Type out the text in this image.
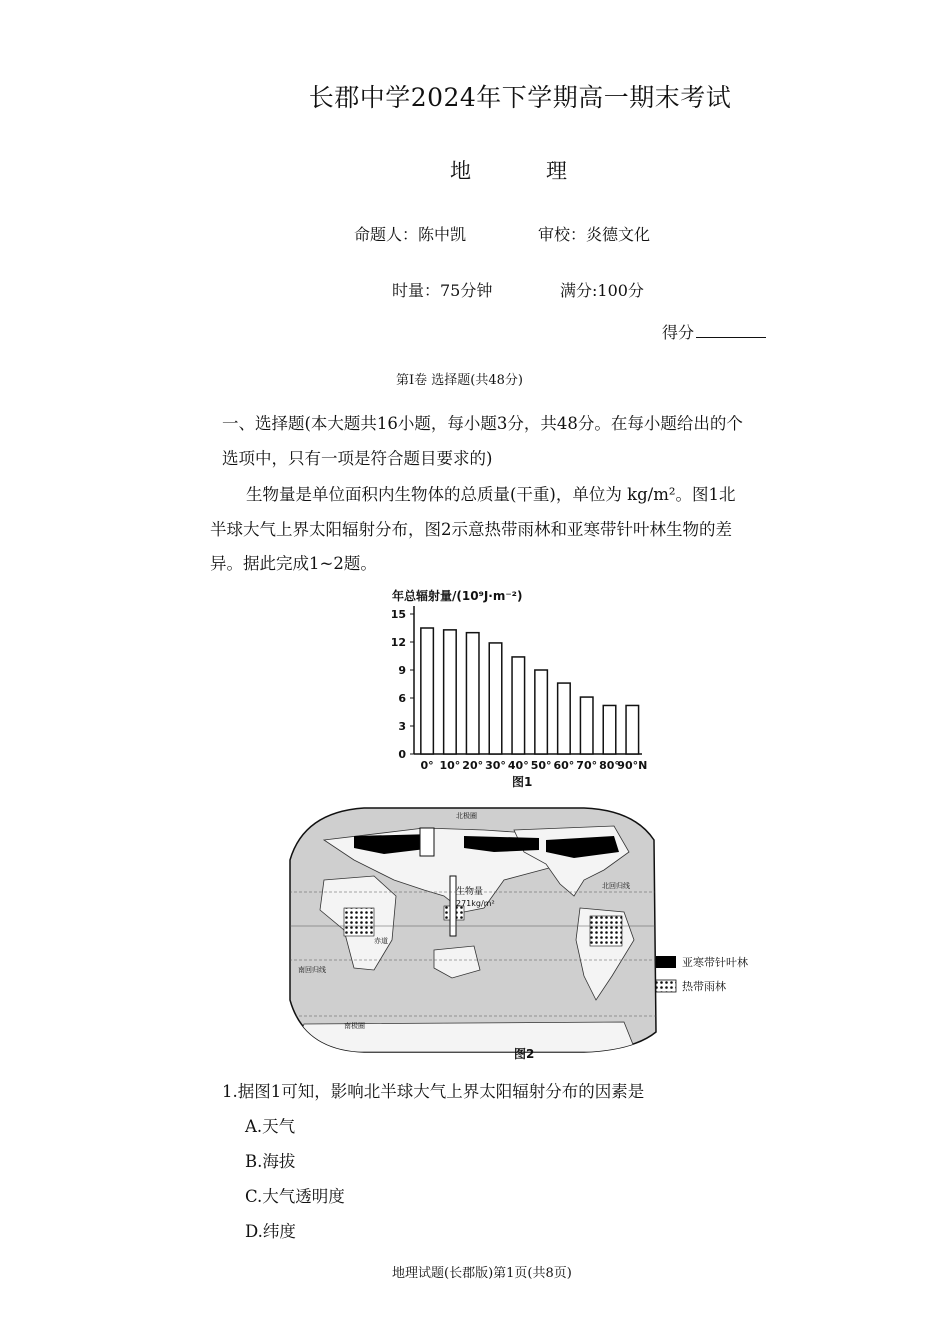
长郡中学2024年下学期高一期末考试
地	理
命题人：陈中凯	审校：炎德文化
时量：75分钟	满分:100分
得分
第Ⅰ卷 选择题(共48分)
一、选择题(本大题共16小题，每小题3分，共48分。在每小题给出的个
选项中，只有一项是符合题目要求的)
生物量是单位面积内生物体的总质量(干重)，单位为 kg/m²。图1北
半球大气上界太阳辐射分布，图2示意热带雨林和亚寒带针叶林生物的差
异。据此完成1~2题。
年总辐射量/(10⁹J·m⁻²)
0
3
6
9
12
15
0° 10° 20° 30° 40° 50° 60° 70° 80°
90°N
图1
北极圈
北回归线
生物量
271kg/m²
赤道
南回归线
南极圈
亚寒带针叶林
热带雨林
图2
1.据图1可知，影响北半球大气上界太阳辐射分布的因素是
A.天气
B.海拔
C.大气透明度
D.纬度
地理试题(长郡版)第1页(共8页)
